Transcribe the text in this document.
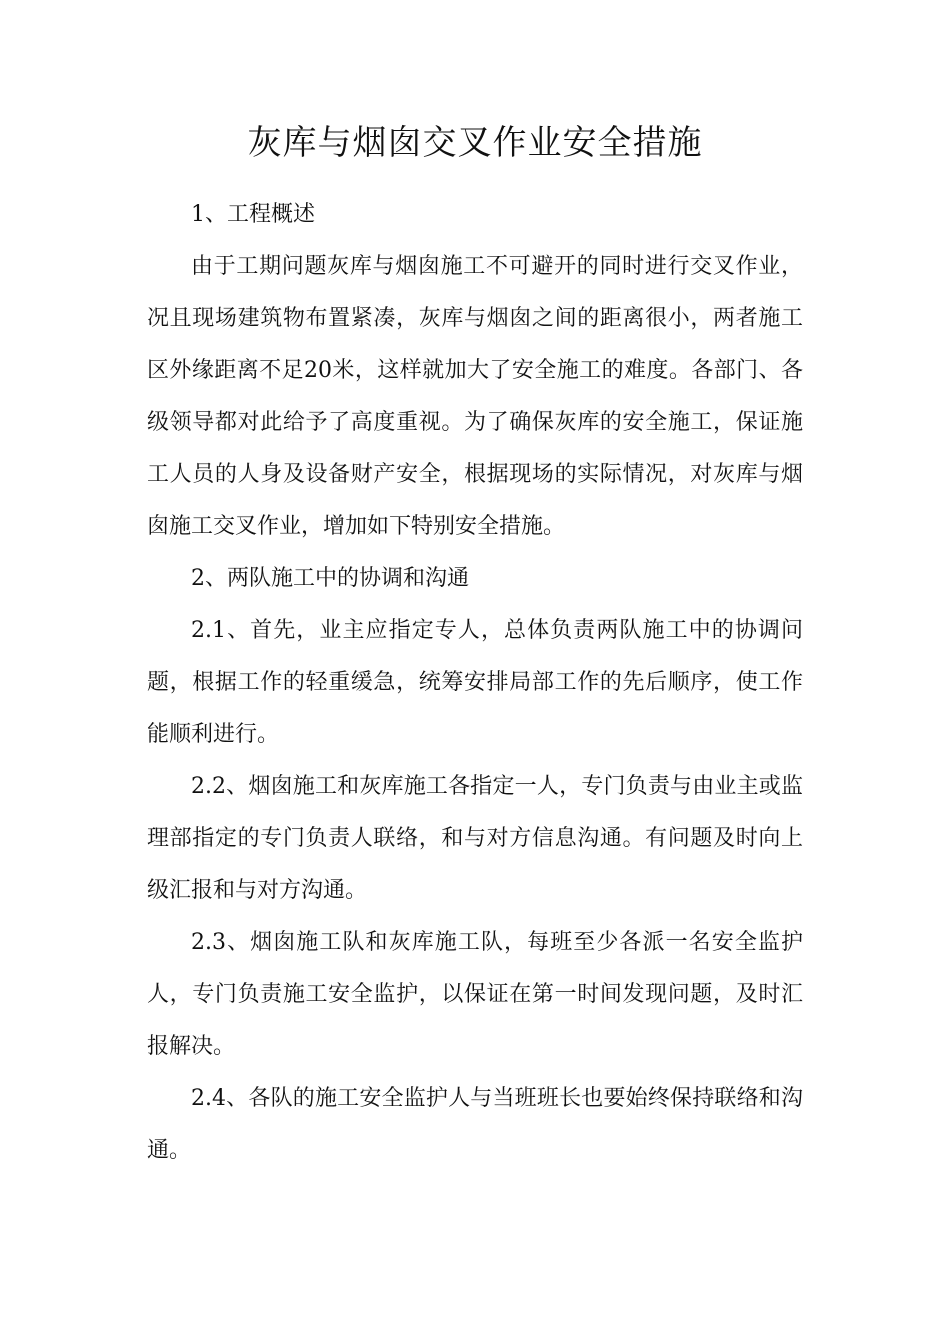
灰库与烟囱交叉作业安全措施

1、工程概述

由于工期问题灰库与烟囱施工不可避开的同时进行交叉作业，况且现场建筑物布置紧凑，灰库与烟囱之间的距离很小，两者施工区外缘距离不足20米，这样就加大了安全施工的难度。各部门、各级领导都对此给予了高度重视。为了确保灰库的安全施工，保证施工人员的人身及设备财产安全，根据现场的实际情况，对灰库与烟囱施工交叉作业，增加如下特别安全措施。

2、两队施工中的协调和沟通

2.1、首先，业主应指定专人，总体负责两队施工中的协调问题，根据工作的轻重缓急，统筹安排局部工作的先后顺序，使工作能顺利进行。

2.2、烟囱施工和灰库施工各指定一人，专门负责与由业主或监理部指定的专门负责人联络，和与对方信息沟通。有问题及时向上级汇报和与对方沟通。

2.3、烟囱施工队和灰库施工队，每班至少各派一名安全监护人，专门负责施工安全监护，以保证在第一时间发现问题，及时汇报解决。

2.4、各队的施工安全监护人与当班班长也要始终保持联络和沟通。
